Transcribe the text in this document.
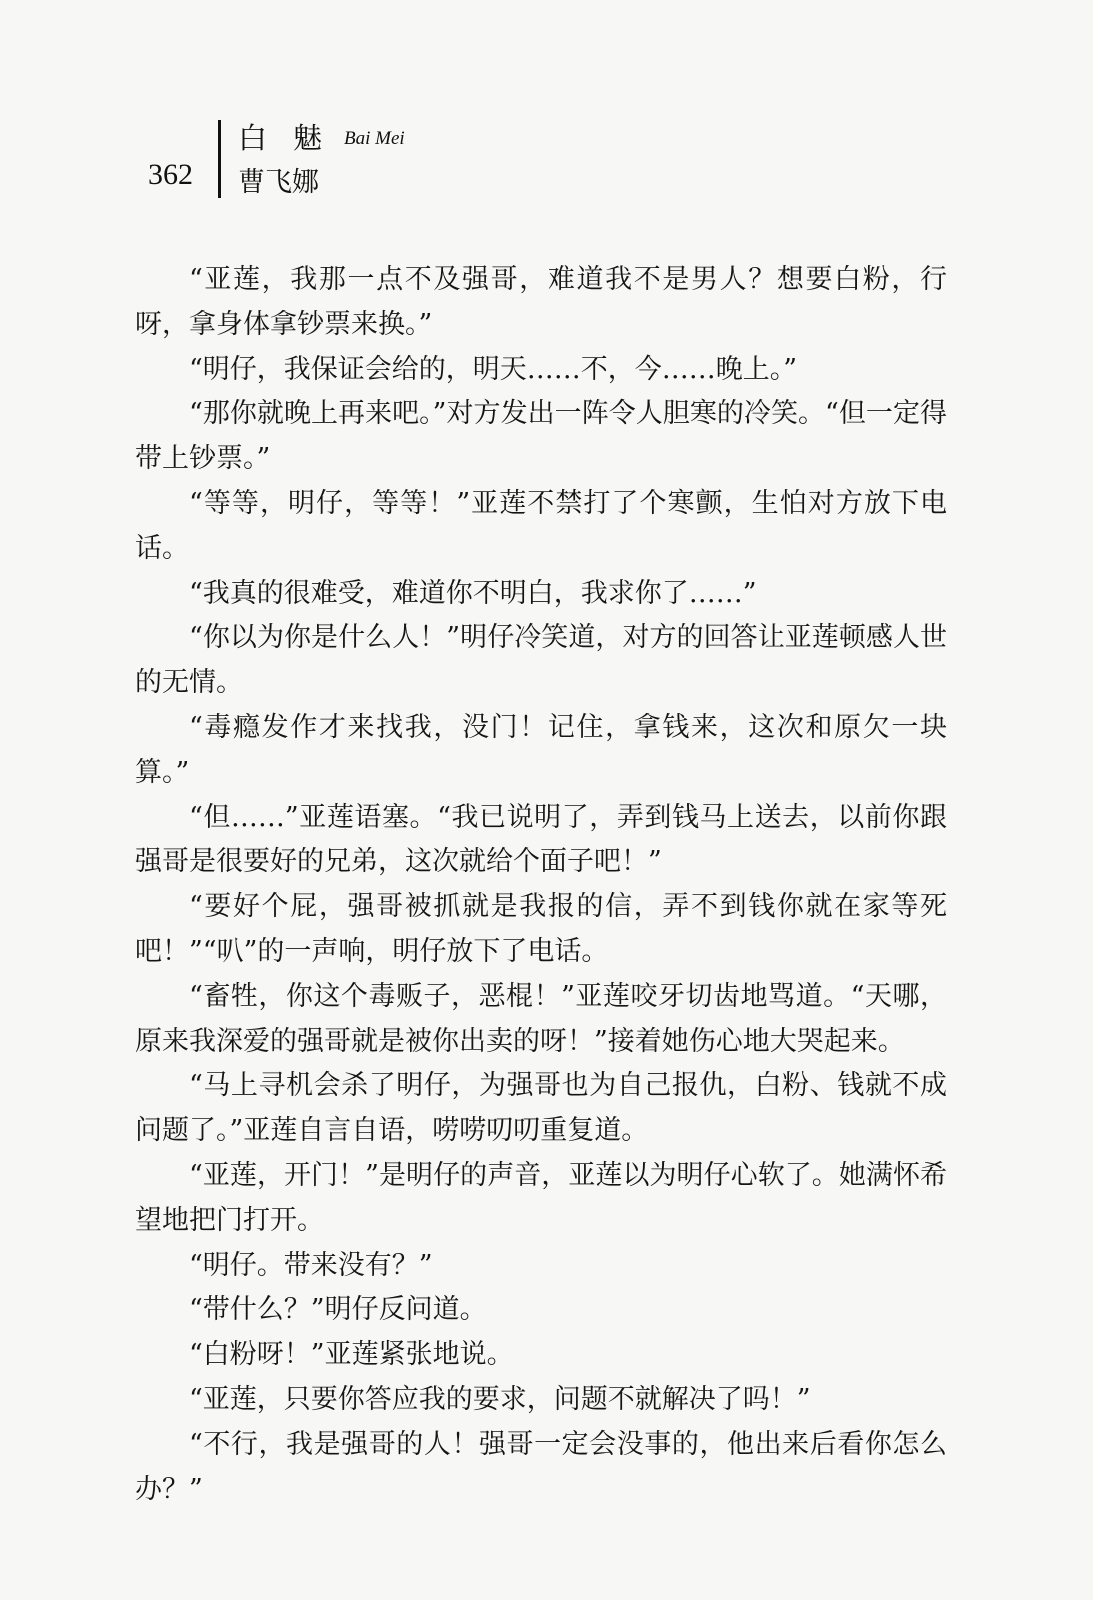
362
白魅
Bai Mei
曹飞娜

“亚莲，我那一点不及强哥，难道我不是男人？想要白粉，行呀，拿身体拿钞票来换。”

“明仔，我保证会给的，明天……不，今……晚上。”

“那你就晚上再来吧。”对方发出一阵令人胆寒的冷笑。“但一定得带上钞票。”

“等等，明仔，等等！”亚莲不禁打了个寒颤，生怕对方放下电话。

“我真的很难受，难道你不明白，我求你了……”

“你以为你是什么人！”明仔冷笑道，对方的回答让亚莲顿感人世的无情。

“毒瘾发作才来找我，没门！记住，拿钱来，这次和原欠一块算。”

“但……”亚莲语塞。“我已说明了，弄到钱马上送去，以前你跟强哥是很要好的兄弟，这次就给个面子吧！”

“要好个屁，强哥被抓就是我报的信，弄不到钱你就在家等死吧！”“叭”的一声响，明仔放下了电话。

“畜牲，你这个毒贩子，恶棍！”亚莲咬牙切齿地骂道。“天哪，原来我深爱的强哥就是被你出卖的呀！”接着她伤心地大哭起来。

“马上寻机会杀了明仔，为强哥也为自己报仇，白粉、钱就不成问题了。”亚莲自言自语，唠唠叨叨重复道。

“亚莲，开门！”是明仔的声音，亚莲以为明仔心软了。她满怀希望地把门打开。

“明仔。带来没有？”

“带什么？”明仔反问道。

“白粉呀！”亚莲紧张地说。

“亚莲，只要你答应我的要求，问题不就解决了吗！”

“不行，我是强哥的人！强哥一定会没事的，他出来后看你怎么办？”
